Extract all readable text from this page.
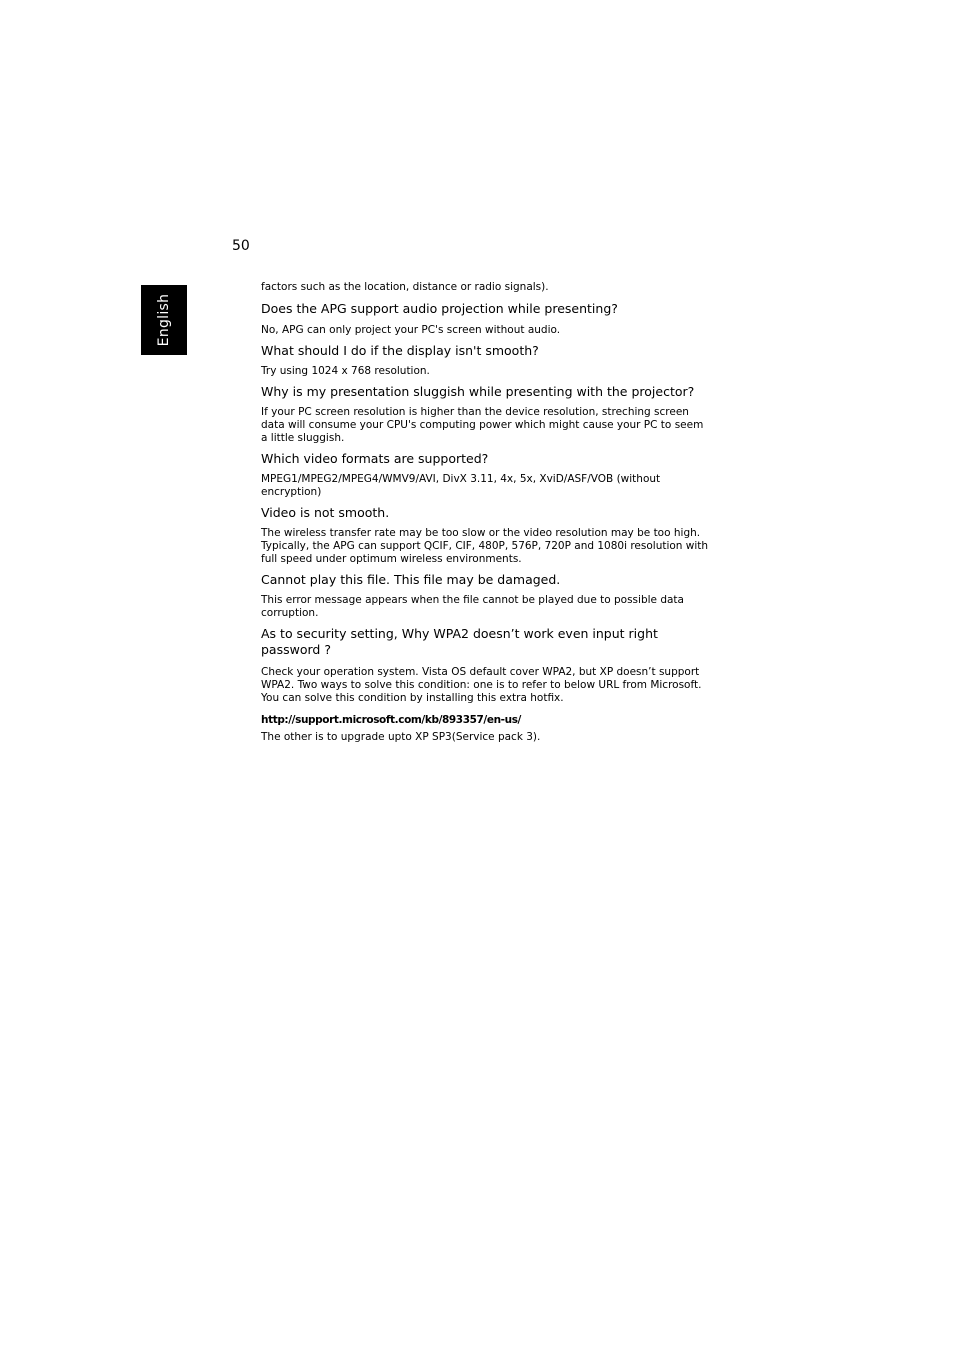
50
English

factors such as the location, distance or radio signals).

Does the APG support audio projection while presenting?

No, APG can only project your PC's screen without audio.

What should I do if the display isn't smooth?

Try using 1024 x 768 resolution.

Why is my presentation sluggish while presenting with the projector?

If your PC screen resolution is higher than the device resolution, streching screen data will consume your CPU's computing power which might cause your PC to seem a little sluggish.

Which video formats are supported?

MPEG1/MPEG2/MPEG4/WMV9/AVI, DivX 3.11, 4x, 5x, XviD/ASF/VOB (without encryption)

Video is not smooth.

The wireless transfer rate may be too slow or the video resolution may be too high. Typically, the APG can support QCIF, CIF, 480P, 576P, 720P and 1080i resolution with full speed under optimum wireless environments.

Cannot play this file. This file may be damaged.

This error message appears when the file cannot be played due to possible data corruption.

As to security setting, Why WPA2 doesn’t work even input right password ?

Check your operation system. Vista OS default cover WPA2, but XP doesn’t support WPA2. Two ways to solve this condition: one is to refer to below URL from Microsoft. You can solve this condition by installing this extra hotfix.

http://support.microsoft.com/kb/893357/en-us/

The other is to upgrade upto XP SP3(Service pack 3).
